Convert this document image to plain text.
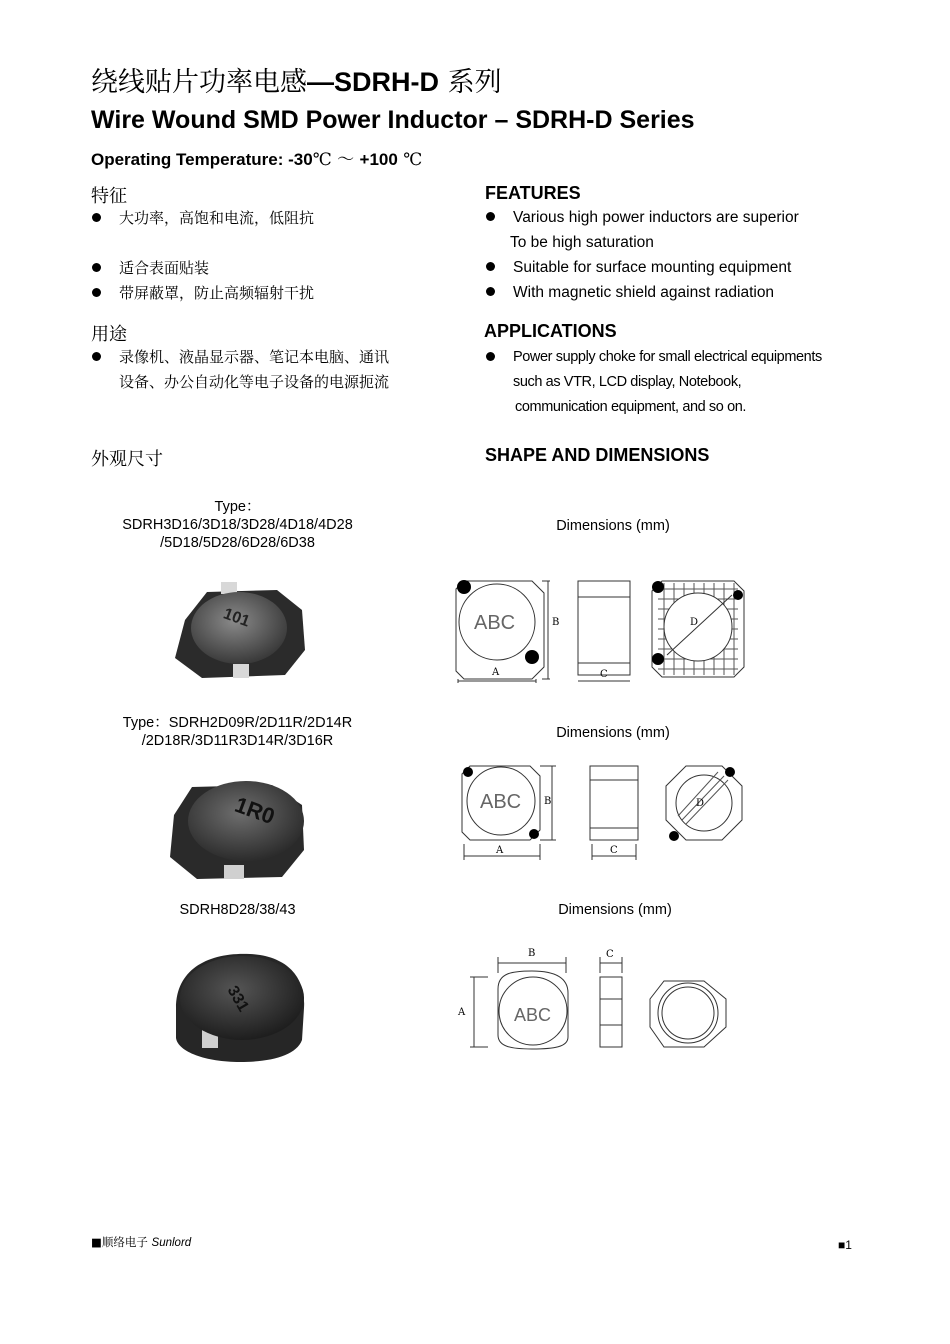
绕线贴片功率电感—SDRH-D 系列
Wire Wound SMD Power Inductor – SDRH-D Series
Operating Temperature: -30℃ ～ +100 ℃
特征	FEATURES
大功率，高饱和电流，低阻抗
适合表面贴装
带屏蔽罩，防止高频辐射干扰
Various high power inductors are superior
To be high saturation
Suitable for surface mounting equipment
With magnetic shield against radiation
用途	APPLICATIONS
录像机、液晶显示器、笔记本电脑、通讯
设备、办公自动化等电子设备的电源扼流
Power supply choke for small electrical equipments
such as VTR, LCD display, Notebook,
communication equipment, and so on.
外观尺寸	SHAPE AND DIMENSIONS
Type：
SDRH3D16/3D18/3D28/4D18/4D28
/5D18/5D28/6D28/6D38
Dimensions (mm)
101	ABC	B
A	C
D
Type：SDRH2D09R/2D11R/2D14R
/2D18R/3D11R3D14R/3D16R	Dimensions (mm)
1R0	ABC B
A	C
D
SDRH8D28/38/43	Dimensions (mm)
331
ABC
B	C
A
■顺络电子 Sunlord	■1
